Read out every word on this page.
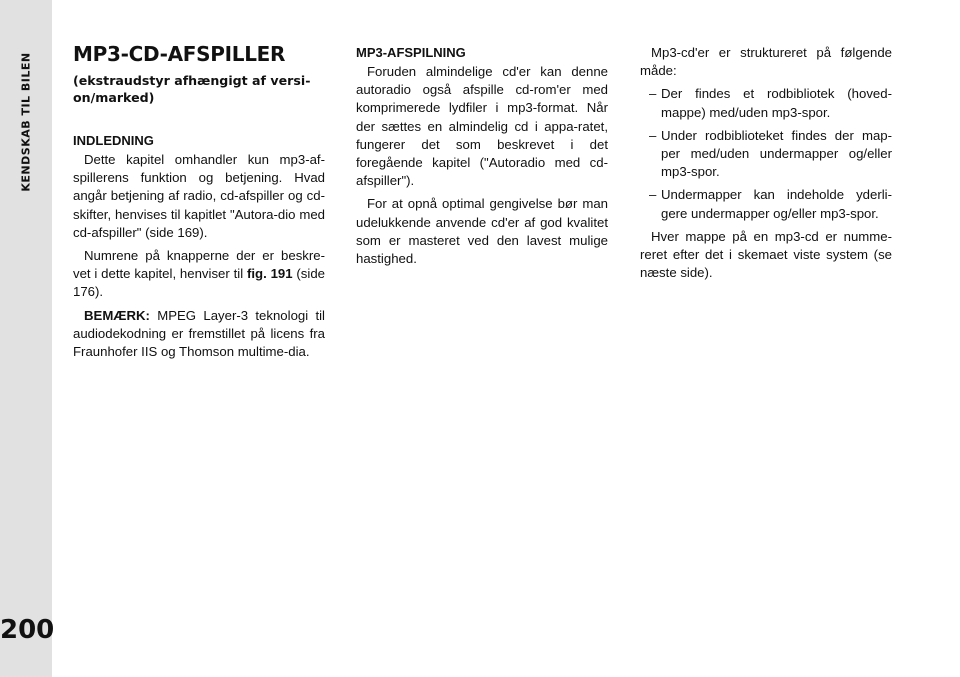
KENDSKAB TIL BILEN
200
MP3-CD-AFSPILLER
(ekstraudstyr afhængigt af versi-on/marked)
INDLEDNING

Dette kapitel omhandler kun mp3-af-spillerens funktion og betjening. Hvad angår betjening af radio, cd-afspiller og cd-skifter, henvises til kapitlet "Autora-dio med cd-afspiller" (side 169).

Numrene på knapperne der er beskre-vet i dette kapitel, henviser til fig. 191 (side 176).

BEMÆRK: MPEG Layer-3 teknologi til audiodekodning er fremstillet på licens fra Fraunhofer IIS og Thomson multime-dia.

MP3-AFSPILNING

Foruden almindelige cd'er kan denne autoradio også afspille cd-rom'er med komprimerede lydfiler i mp3-format. Når der sættes en almindelig cd i appa-ratet, fungerer det som beskrevet i det foregående kapitel ("Autoradio med cd-afspiller").

For at opnå optimal gengivelse bør man udelukkende anvende cd'er af god kvalitet som er masteret ved den lavest mulige hastighed.

Mp3-cd'er er struktureret på følgende måde:

– Der findes et rodbibliotek (hoved-mappe) med/uden mp3-spor.
– Under rodbiblioteket findes der map-per med/uden undermapper og/eller mp3-spor.
– Undermapper kan indeholde yderli-gere undermapper og/eller mp3-spor.

Hver mappe på en mp3-cd er numme-reret efter det i skemaet viste system (se næste side).
